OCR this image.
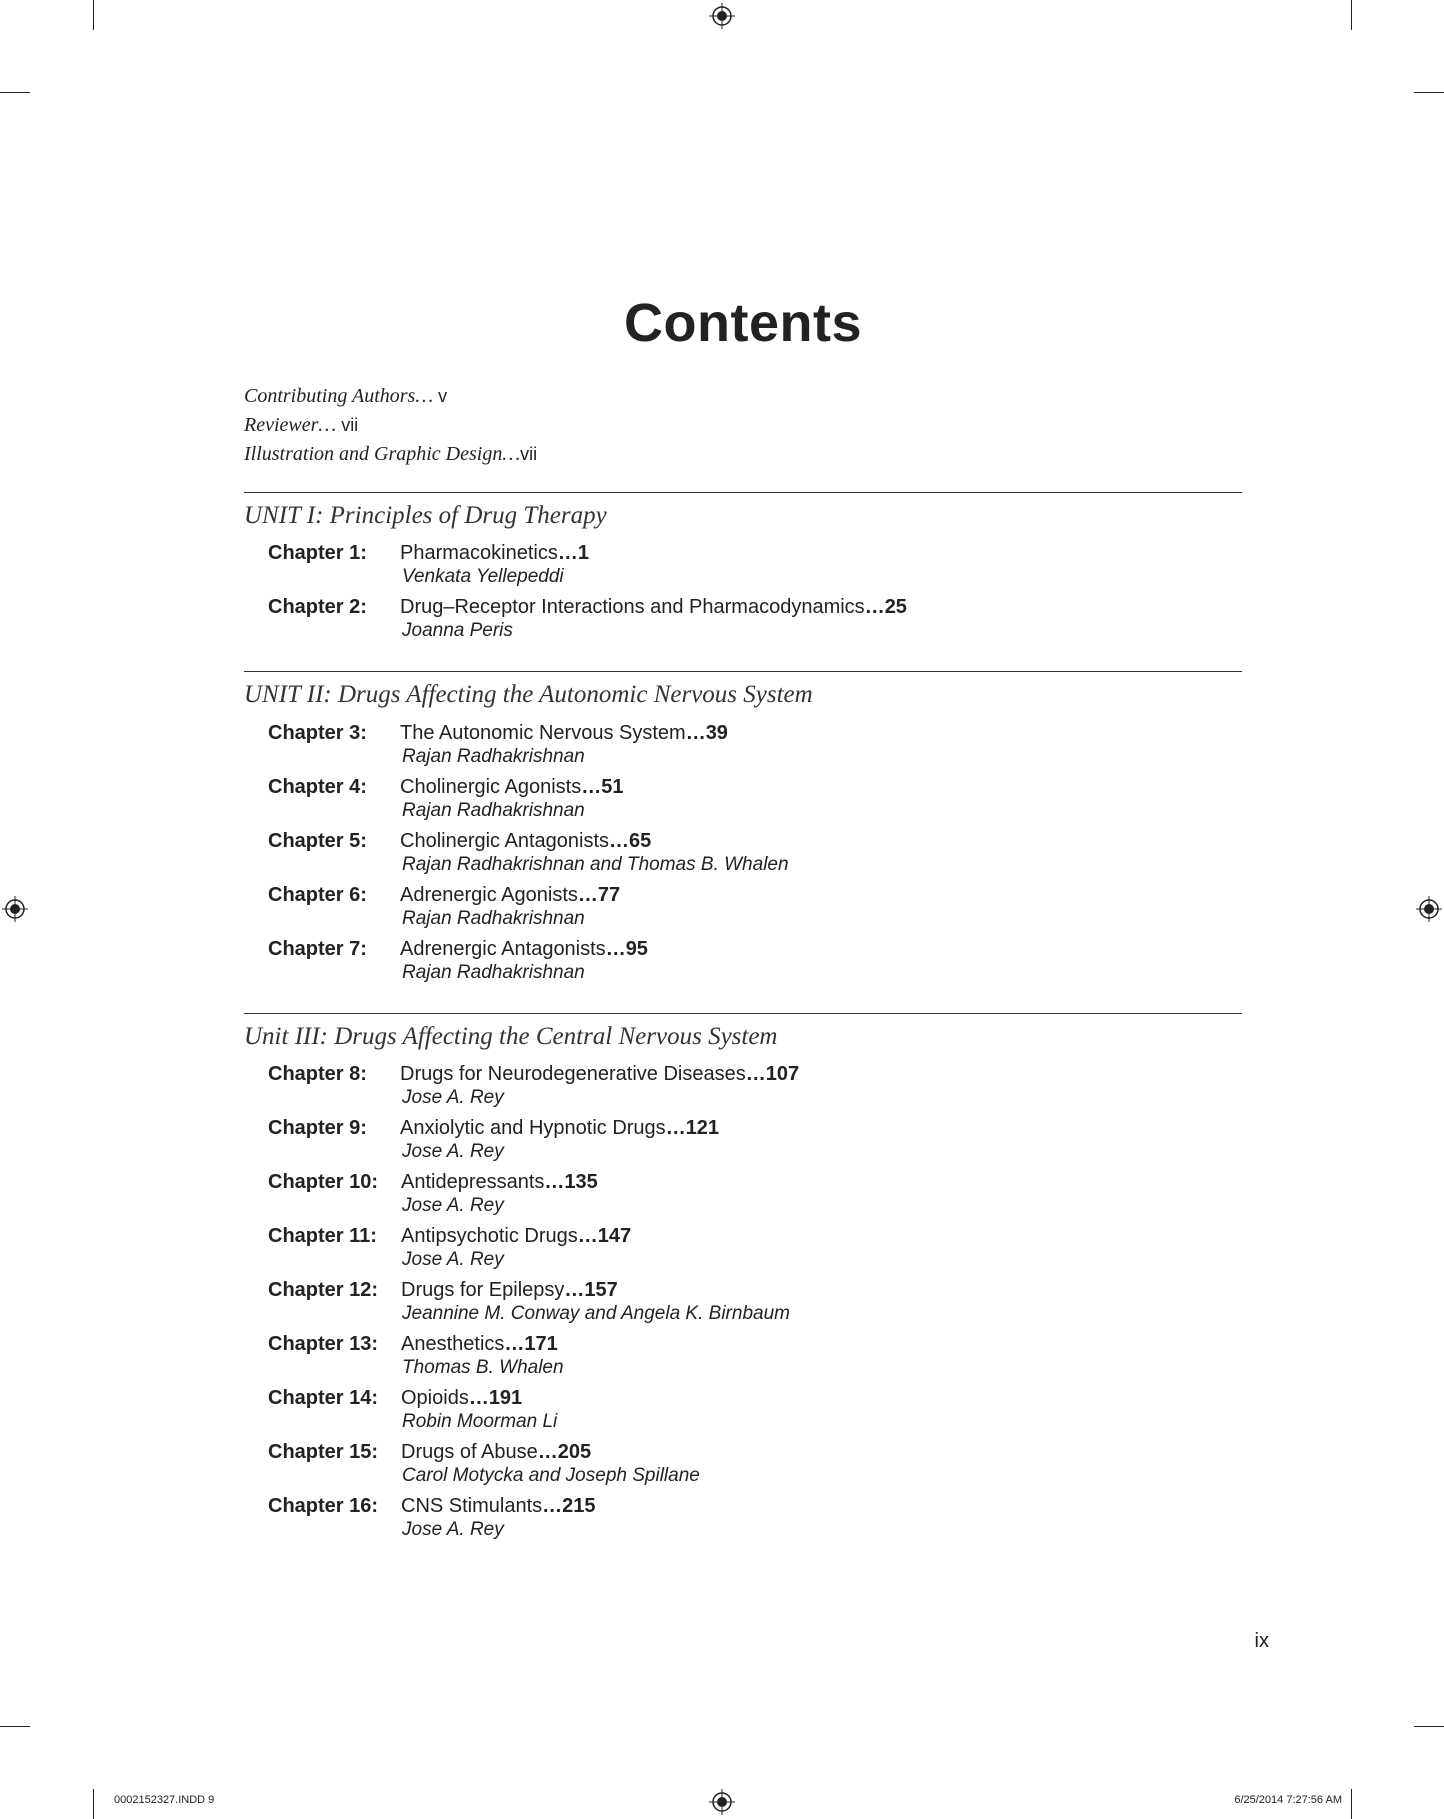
Contents
Contributing Authors… v
Reviewer… vii
Illustration and Graphic Design…vii
UNIT I: Principles of Drug Therapy
Chapter 1: Pharmacokinetics…1
Venkata Yellepeddi
Chapter 2: Drug–Receptor Interactions and Pharmacodynamics…25
Joanna Peris
UNIT II: Drugs Affecting the Autonomic Nervous System
Chapter 3: The Autonomic Nervous System…39
Rajan Radhakrishnan
Chapter 4: Cholinergic Agonists…51
Rajan Radhakrishnan
Chapter 5: Cholinergic Antagonists…65
Rajan Radhakrishnan and Thomas B. Whalen
Chapter 6: Adrenergic Agonists…77
Rajan Radhakrishnan
Chapter 7: Adrenergic Antagonists…95
Rajan Radhakrishnan
Unit III: Drugs Affecting the Central Nervous System
Chapter 8: Drugs for Neurodegenerative Diseases…107
Jose A. Rey
Chapter 9: Anxiolytic and Hypnotic Drugs…121
Jose A. Rey
Chapter 10: Antidepressants…135
Jose A. Rey
Chapter 11: Antipsychotic Drugs…147
Jose A. Rey
Chapter 12: Drugs for Epilepsy…157
Jeannine M. Conway and Angela K. Birnbaum
Chapter 13: Anesthetics…171
Thomas B. Whalen
Chapter 14: Opioids…191
Robin Moorman Li
Chapter 15: Drugs of Abuse…205
Carol Motycka and Joseph Spillane
Chapter 16: CNS Stimulants…215
Jose A. Rey
ix
0002152327.INDD 9	6/25/2014 7:27:56 AM
